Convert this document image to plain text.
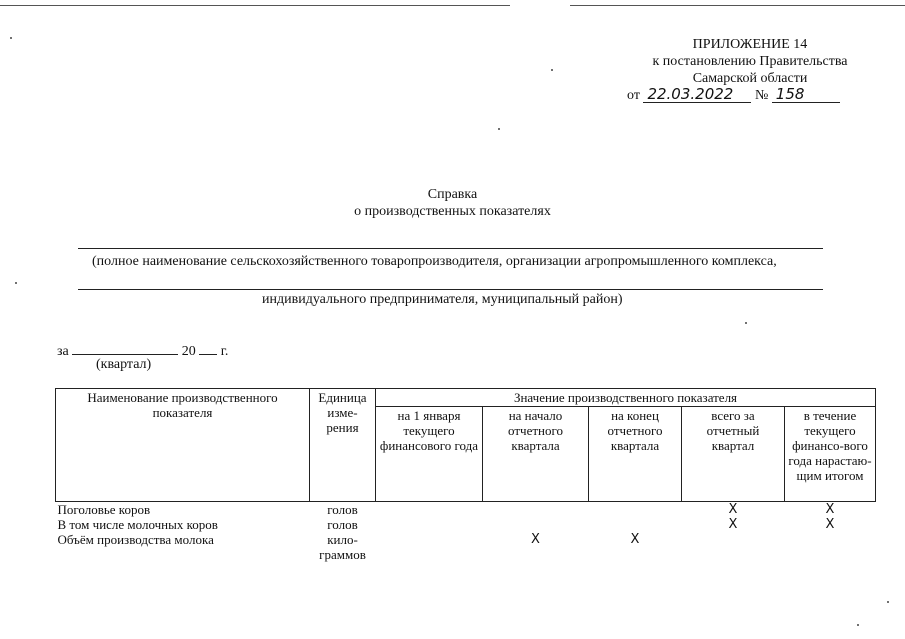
ПРИЛОЖЕНИЕ 14
к постановлению Правительства
Самарской области
от 22.03.2022 № 158
Справка
о производственных показателях
(полное наименование сельскохозяйственного товаропроизводителя, организации агропромышленного комплекса,
индивидуального предпринимателя, муниципальный район)
за	20 г.
(квартал)
Наименование производственного показателя	Единица изме-рения	Значение производственного показателя				
		на 1 января текущего финансового года	на начало отчетного квартала	на конец отчетного квартала	всего за отчетный квартал	в течение текущего финансо-вого года нарастаю-щим итогом
Поголовье коров	голов				X	X
В том числе молочных коров	голов				X	X
Объём производства молока	кило-граммов		X	X		
